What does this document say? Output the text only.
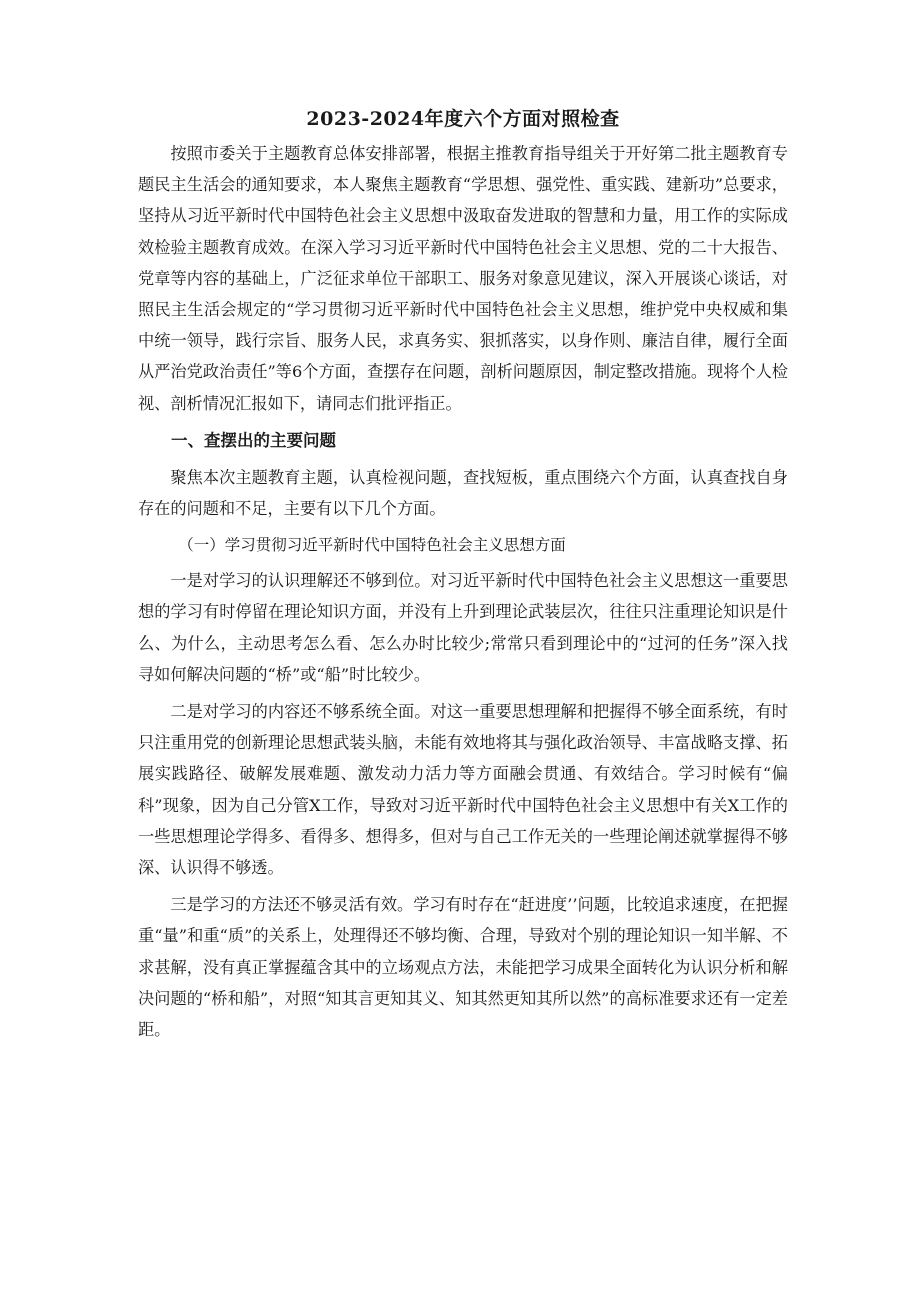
2023-2024年度六个方面对照检查

按照市委关于主题教育总体安排部署，根据主推教育指导组关于开好第二批主题教育专题民主生活会的通知要求，本人聚焦主题教育“学思想、强党性、重实践、建新功”总要求，坚持从习近平新时代中国特色社会主义思想中汲取奋发进取的智慧和力量，用工作的实际成效检验主题教育成效。在深入学习习近平新时代中国特色社会主义思想、党的二十大报告、党章等内容的基础上，广泛征求单位干部职工、服务对象意见建议，深入开展谈心谈话，对照民主生活会规定的“学习贯彻习近平新时代中国特色社会主义思想，维护党中央权威和集中统一领导，践行宗旨、服务人民，求真务实、狠抓落实，以身作则、廉洁自律，履行全面从严治党政治责任”等6个方面，查摆存在问题，剖析问题原因，制定整改措施。现将个人检视、剖析情况汇报如下，请同志们批评指正。

一、查摆出的主要问题

聚焦本次主题教育主题，认真检视问题，查找短板，重点围绕六个方面，认真查找自身存在的问题和不足，主要有以下几个方面。

（一）学习贯彻习近平新时代中国特色社会主义思想方面

一是对学习的认识理解还不够到位。对习近平新时代中国特色社会主义思想这一重要思想的学习有时停留在理论知识方面，并没有上升到理论武装层次，往往只注重理论知识是什么、为什么，主动思考怎么看、怎么办时比较少;常常只看到理论中的“过河的任务”深入找寻如何解决问题的“桥”或“船”时比较少。

二是对学习的内容还不够系统全面。对这一重要思想理解和把握得不够全面系统，有时只注重用党的创新理论思想武装头脑，未能有效地将其与强化政治领导、丰富战略支撑、拓展实践路径、破解发展难题、激发动力活力等方面融会贯通、有效结合。学习时候有“偏科”现象，因为自己分管X工作，导致对习近平新时代中国特色社会主义思想中有关X工作的一些思想理论学得多、看得多、想得多，但对与自己工作无关的一些理论阐述就掌握得不够深、认识得不够透。

三是学习的方法还不够灵活有效。学习有时存在“赶进度’’问题，比较追求速度，在把握重“量”和重“质”的关系上，处理得还不够均衡、合理，导致对个别的理论知识一知半解、不求甚解，没有真正掌握蕴含其中的立场观点方法，未能把学习成果全面转化为认识分析和解决问题的“桥和船”，对照“知其言更知其义、知其然更知其所以然”的高标准要求还有一定差距。
